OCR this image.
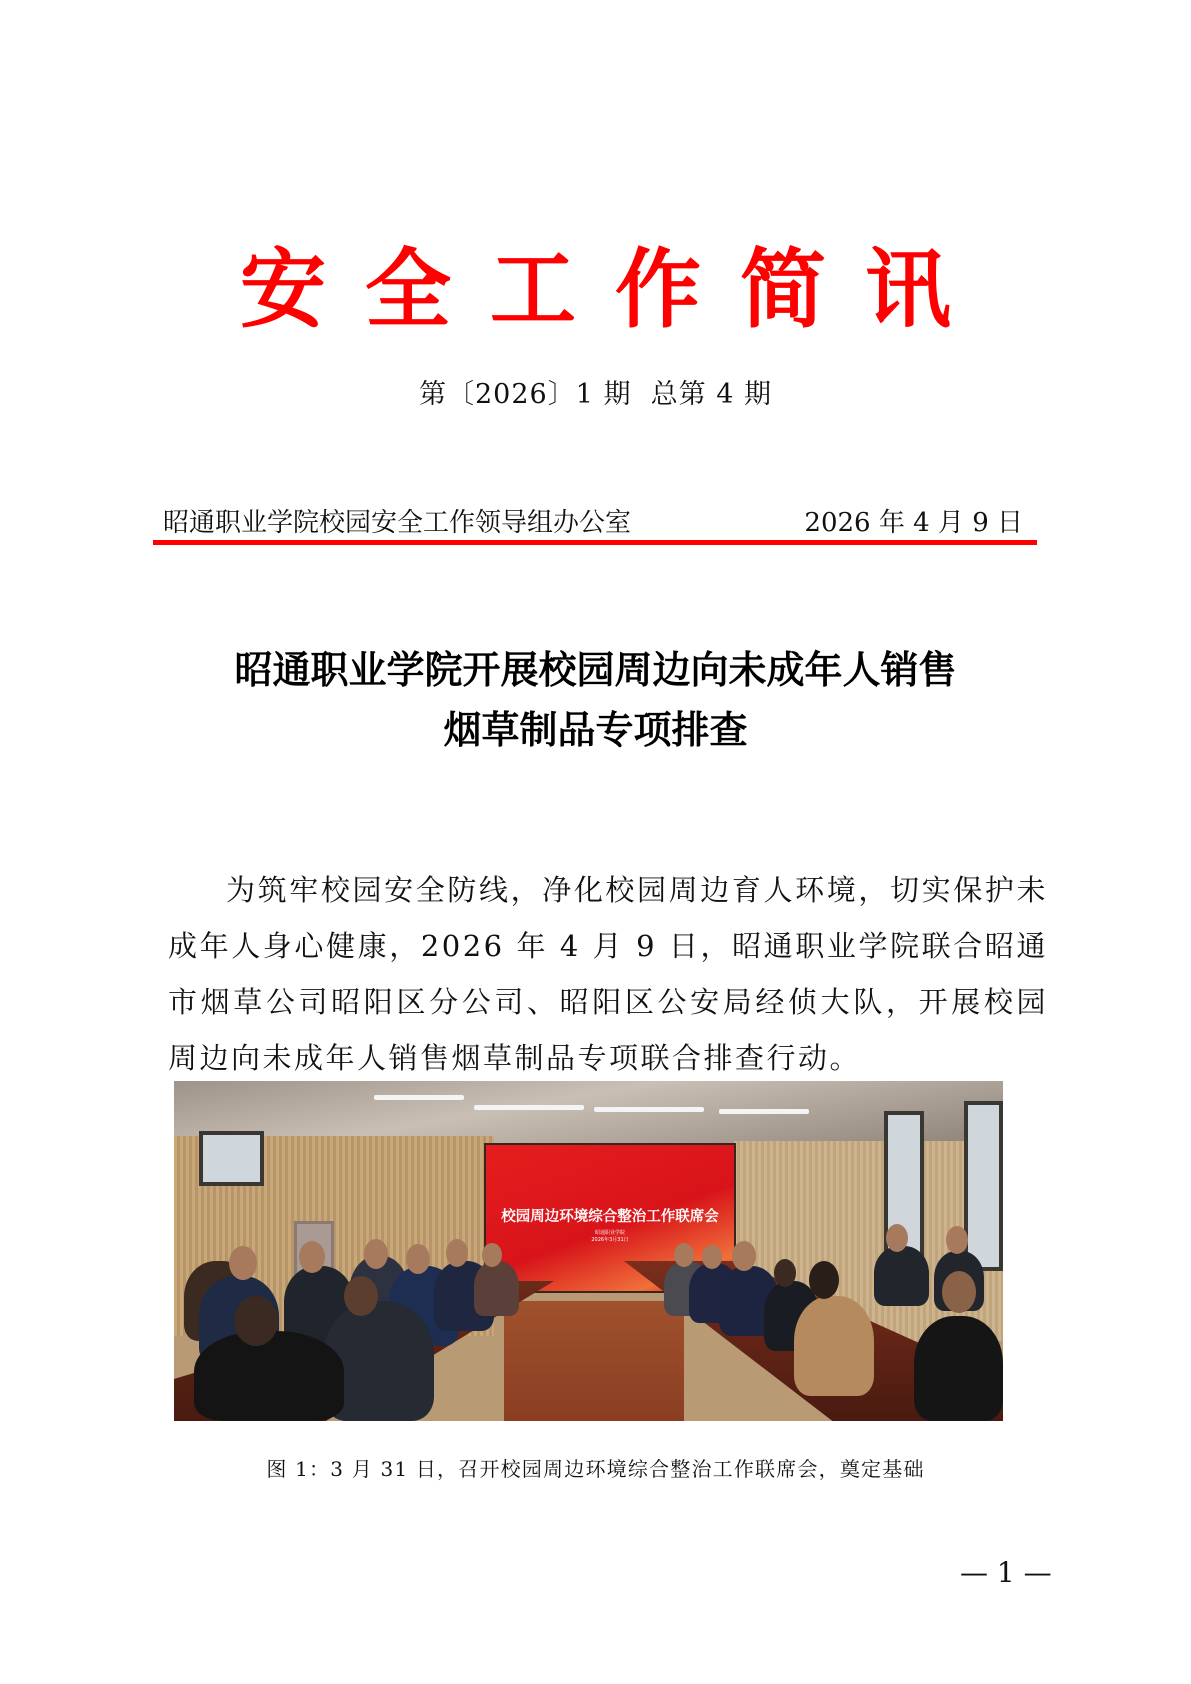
安 全 工 作 简 讯
第〔2026〕1 期  总第 4 期
昭通职业学院校园安全工作领导组办公室	2026 年 4 月 9 日
昭通职业学院开展校园周边向未成年人销售
烟草制品专项排查

为筑牢校园安全防线，净化校园周边育人环境，切实保护未成年人身心健康，2026 年 4 月 9 日，昭通职业学院联合昭通市烟草公司昭阳区分公司、昭阳区公安局经侦大队，开展校园周边向未成年人销售烟草制品专项联合排查行动。

校园周边环境综合整治工作联席会
昭通职业学院
2026年3月31日
图 1：3 月 31 日，召开校园周边环境综合整治工作联席会，奠定基础
— 1 —
